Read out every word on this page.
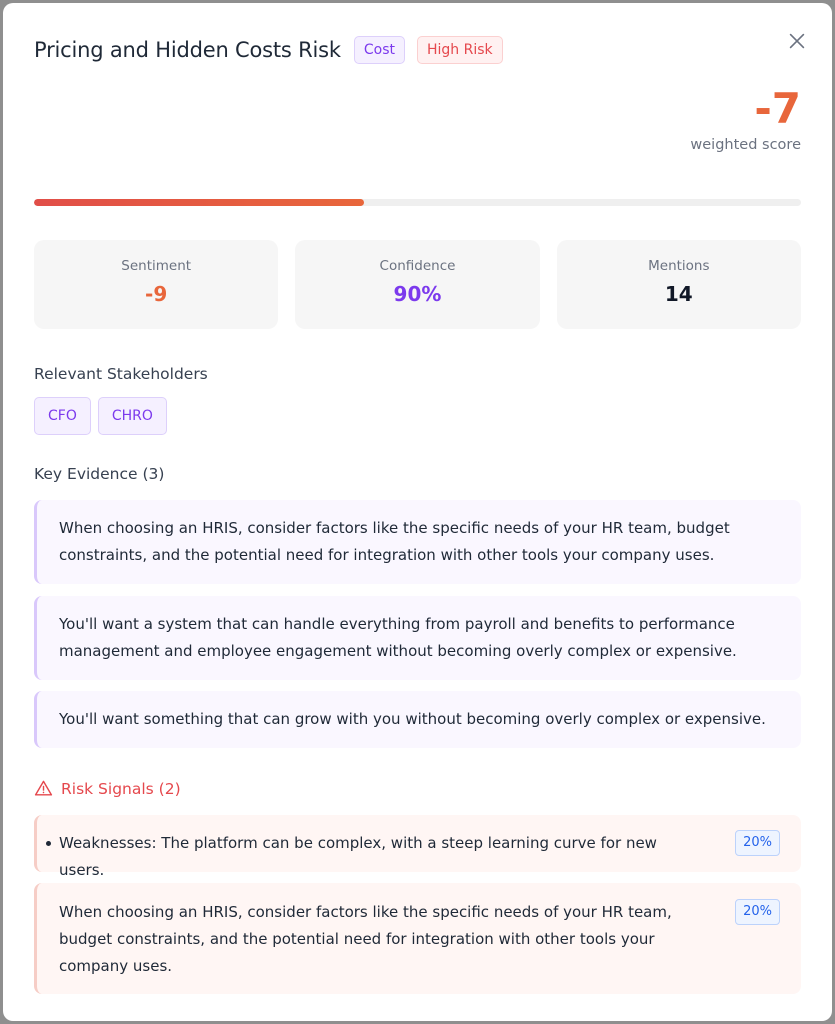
Pricing and Hidden Costs Risk	Cost	High Risk
-7
weighted score
Sentiment
-9
Confidence
90%
Mentions
14
Relevant Stakeholders
CFO	CHRO
Key Evidence (3)
When choosing an HRIS, consider factors like the specific needs of your HR team, budget constraints, and the potential need for integration with other tools your company uses.
You'll want a system that can handle everything from payroll and benefits to performance management and employee engagement without becoming overly complex or expensive.
You'll want something that can grow with you without becoming overly complex or expensive.
Risk Signals (2)
Weaknesses: The platform can be complex, with a steep learning curve for new users.
20%
When choosing an HRIS, consider factors like the specific needs of your HR team, budget constraints, and the potential need for integration with other tools your company uses.
20%
